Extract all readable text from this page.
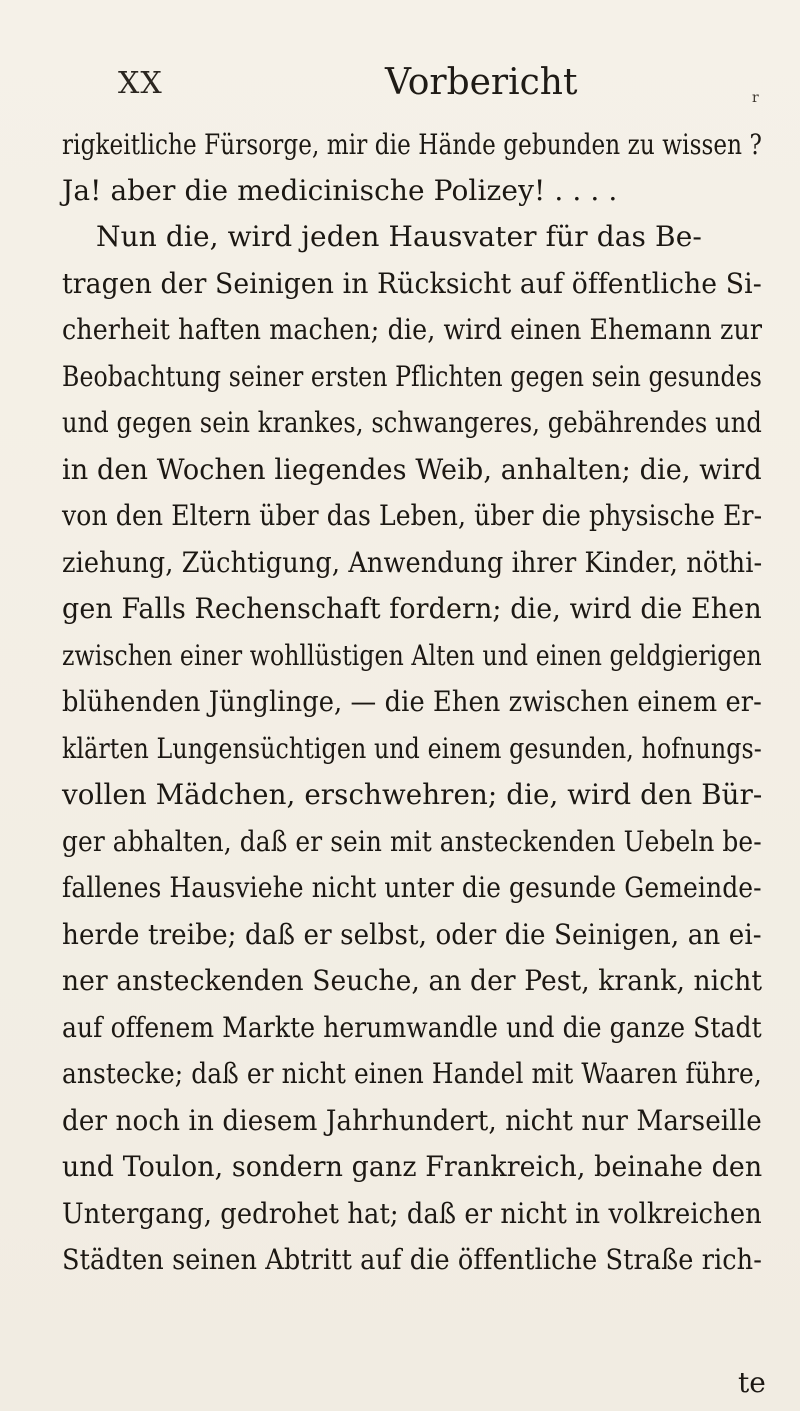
XX	Vorbericht	r
rigkeitliche Fürsorge, mir die Hände gebunden zu wissen ?
Ja! aber die medicinische Polizey! . . . .
Nun die, wird jeden Hausvater für das Be-
tragen der Seinigen in Rücksicht auf öffentliche Si-
cherheit haften machen; die, wird einen Ehemann zur
Beobachtung seiner ersten Pflichten gegen sein gesundes
und gegen sein krankes, schwangeres, gebährendes und
in den Wochen liegendes Weib, anhalten; die, wird
von den Eltern über das Leben, über die physische Er-
ziehung, Züchtigung, Anwendung ihrer Kinder, nöthi-
gen Falls Rechenschaft fordern; die, wird die Ehen
zwischen einer wohllüstigen Alten und einen geldgierigen
blühenden Jünglinge, — die Ehen zwischen einem er-
klärten Lungensüchtigen und einem gesunden, hofnungs-
vollen Mädchen, erschwehren; die, wird den Bür-
ger abhalten, daß er sein mit ansteckenden Uebeln be-
fallenes Hausviehe nicht unter die gesunde Gemeinde-
herde treibe; daß er selbst, oder die Seinigen, an ei-
ner ansteckenden Seuche, an der Pest, krank, nicht
auf offenem Markte herumwandle und die ganze Stadt
anstecke; daß er nicht einen Handel mit Waaren führe,
der noch in diesem Jahrhundert, nicht nur Marseille
und Toulon, sondern ganz Frankreich, beinahe den
Untergang, gedrohet hat; daß er nicht in volkreichen
Städten seinen Abtritt auf die öffentliche Straße rich-
te
